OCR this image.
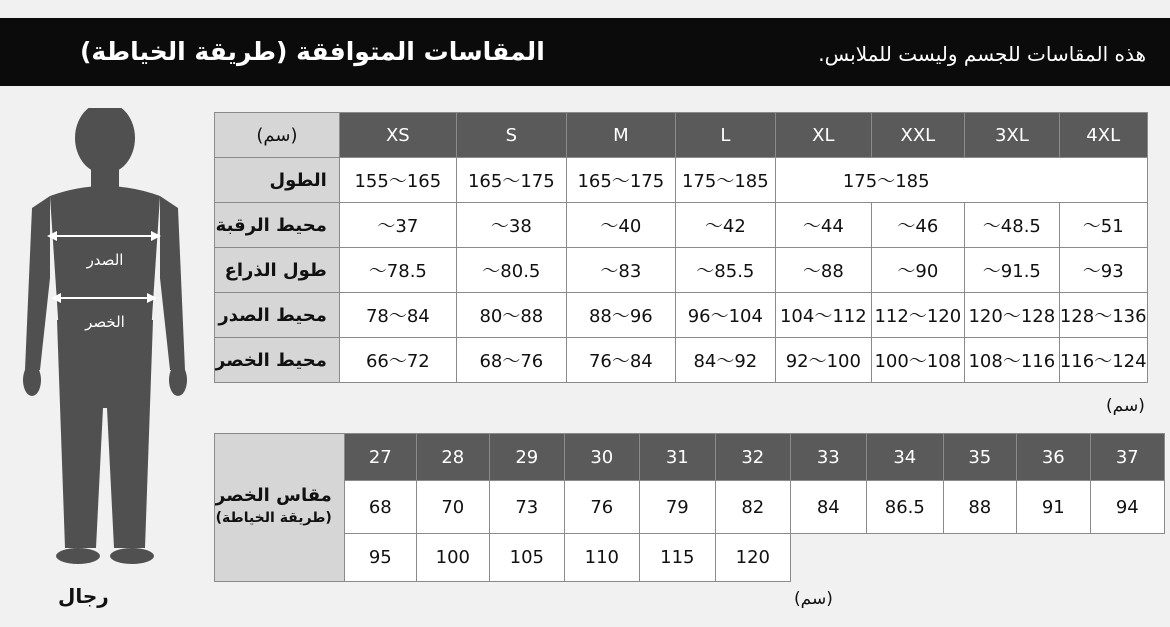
المقاسات المتوافقة (طريقة الخياطة)	هذه المقاسات للجسم وليست للملابس.
الصدر
الخصر
رجال
(سم)	XS	S	M	L	XL	XXL	3XL	4XL
الطول	155～165	165～175	165～175	175～185	175～185			
محيط الرقبة	～37	～38	～40	～42	～44	～46	～48.5	～51
طول الذراع	～78.5	～80.5	～83	～85.5	～88	～90	～91.5	～93
محيط الصدر	78～84	80～88	88～96	96～104	104～112	112～120	120～128	128～136
محيط الخصر	66～72	68～76	76～84	84～92	92～100	100～108	108～116	116～124
(سم)
	27	28	29	30	31	32	33	34	35	36	37

مقاس الخصر
(طريقة الخياطة)	68	70	73	76	79	82	84	86.5	88	91	94
	95	100	105	110	115	120					
(سم)
